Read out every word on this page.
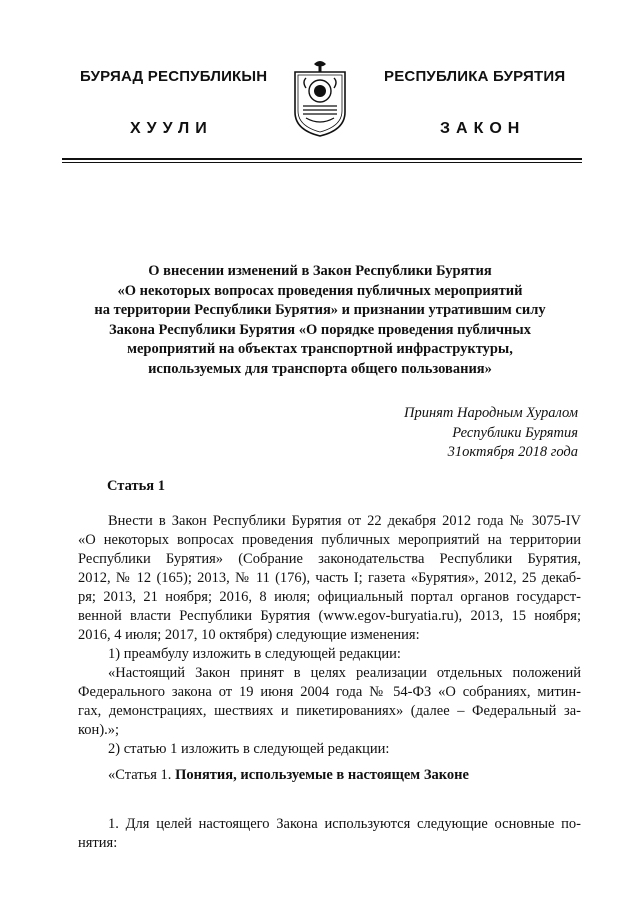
БУРЯАД РЕСПУБЛИКЫН	РЕСПУБЛИКА БУРЯТИЯ
ХУУЛИ	ЗАКОН
О внесении изменений в Закон Республики Бурятия
«О некоторых вопросах проведения публичных мероприятий
на территории Республики Бурятия» и признании утратившим силу
Закона Республики Бурятия «О порядке проведения публичных
мероприятий на объектах транспортной инфраструктуры,
используемых для транспорта общего пользования»
Принят Народным Хуралом
Республики Бурятия
31октября 2018 года
Статья 1
Внести в Закон Республики Бурятия от 22 декабря 2012 года № 3075-IV
«О некоторых вопросах проведения публичных мероприятий на территории
Республики Бурятия» (Собрание законодательства Республики Бурятия,
2012, № 12 (165); 2013, № 11 (176), часть I; газета «Бурятия», 2012, 25 декаб-
ря; 2013, 21 ноября; 2016, 8 июля; официальный портал органов государст-
венной власти Республики Бурятия (www.egov-buryatia.ru), 2013, 15 ноября;
2016, 4 июля; 2017, 10 октября) следующие изменения:
1) преамбулу изложить в следующей редакции:
«Настоящий Закон принят в целях реализации отдельных положений
Федерального закона от 19 июня 2004 года № 54-ФЗ «О собраниях, митин-
гах, демонстрациях, шествиях и пикетированиях» (далее – Федеральный за-
кон).»;
2) статью 1 изложить в следующей редакции:
«Статья 1. Понятия, используемые в настоящем Законе
1. Для целей настоящего Закона используются следующие основные по-
нятия:
